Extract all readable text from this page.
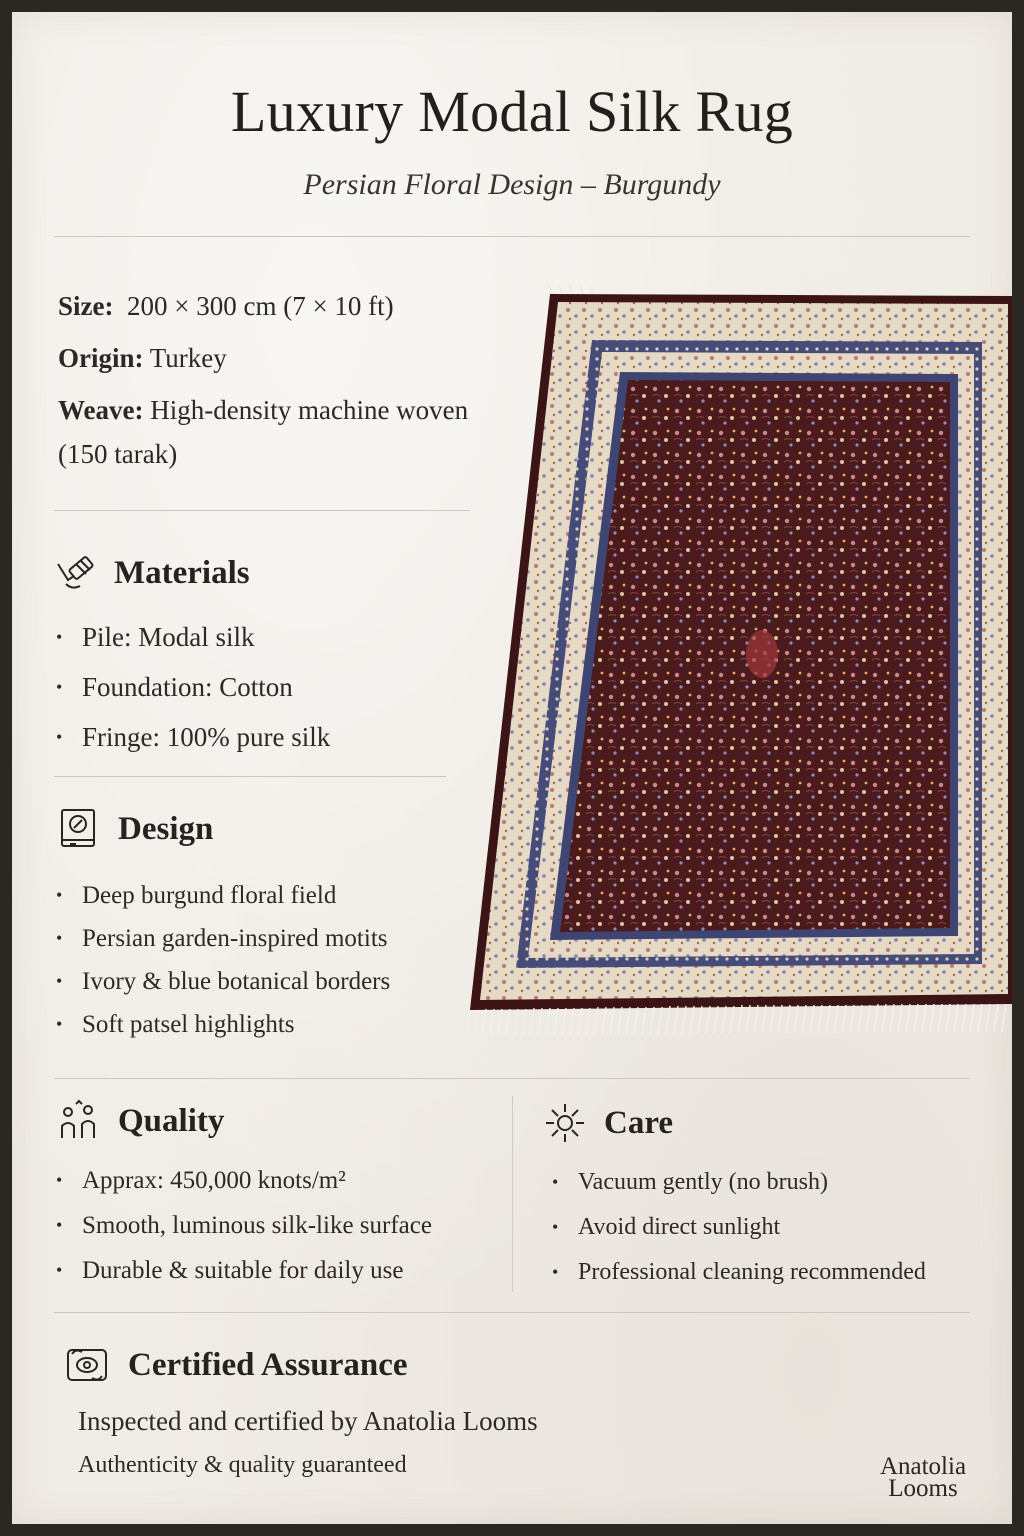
Luxury Modal Silk Rug
Persian Floral Design – Burgundy
Size: 200 × 300 cm (7 × 10 ft)
Origin: Turkey
Weave: High-density machine woven (150 tarak)
Materials
• Pile: Modal silk
• Foundation: Cotton
• Fringe: 100% pure silk
Design
• Deep burgund floral field
• Persian garden-inspired motits
• Ivory & blue botanical borders
• Soft patsel highlights
Quality
• Apprax: 450,000 knots/m²
• Smooth, luminous silk-like surface
• Durable & suitable for daily use
Care
• Vacuum gently (no brush)
• Avoid direct sunlight
• Professional cleaning recommended
Certified Assurance
Inspected and certified by Anatolia Looms
Authenticity & quality guaranteed	Anatolia
Looms
